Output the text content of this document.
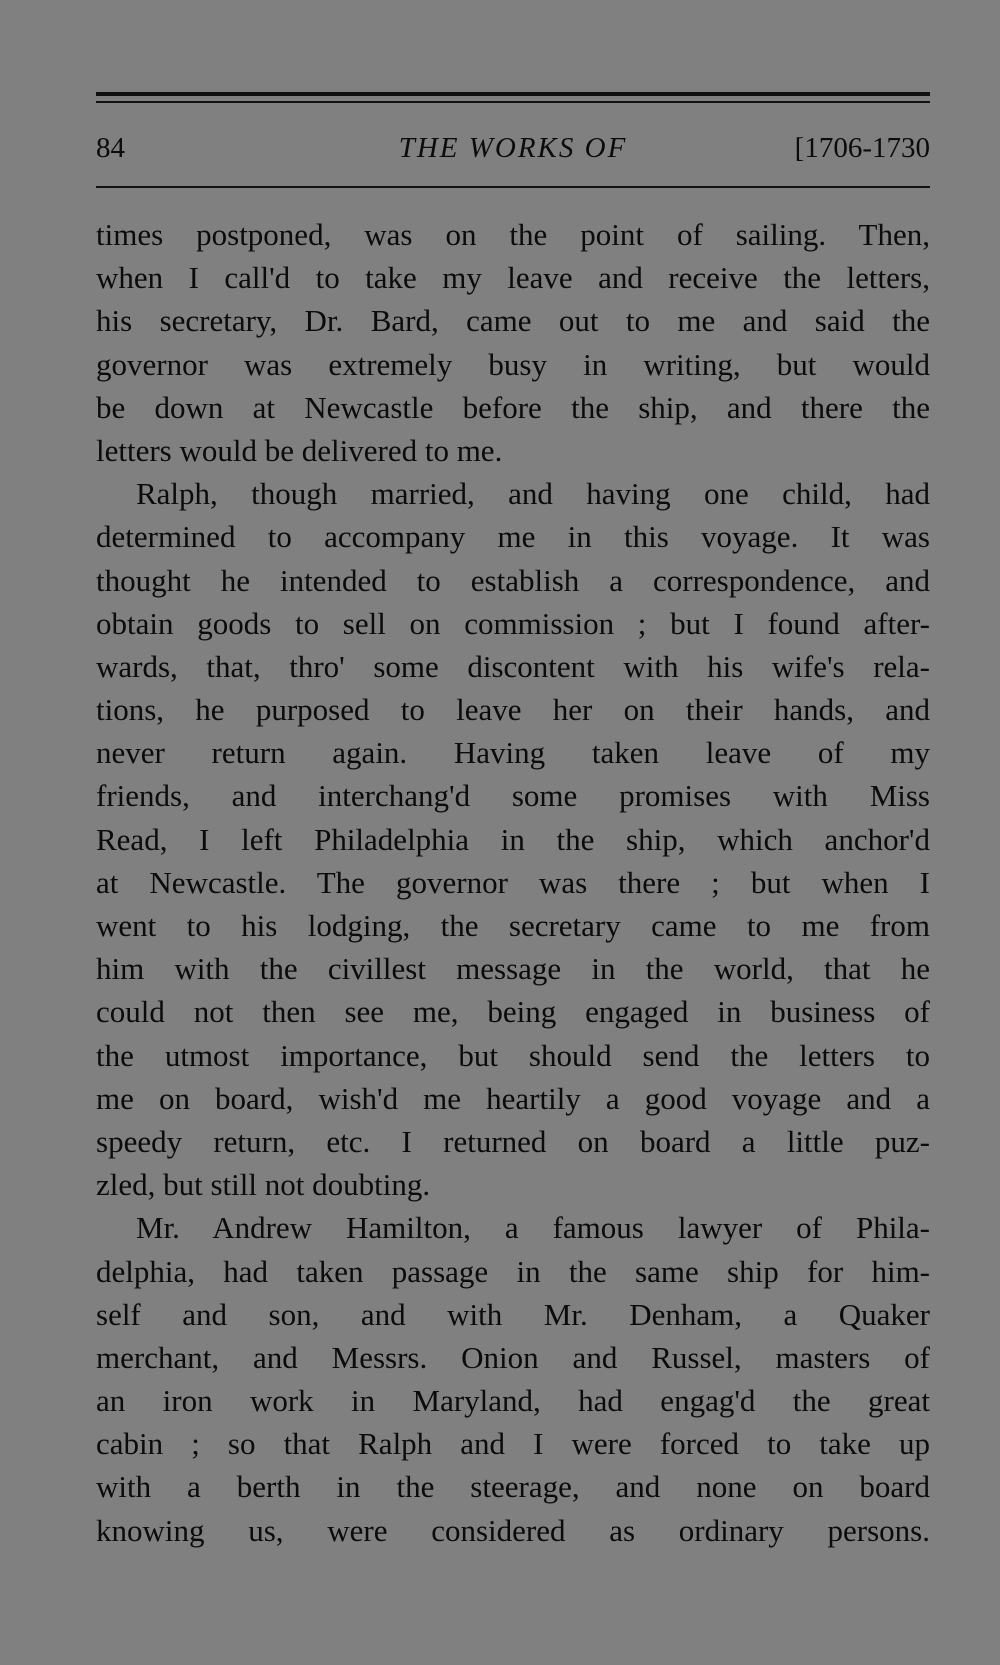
84	THE WORKS OF	[1706-1730
times postponed, was on the point of sailing. Then,
when I call'd to take my leave and receive the letters,
his secretary, Dr. Bard, came out to me and said the
governor was extremely busy in writing, but would
be down at Newcastle before the ship, and there the
letters would be delivered to me.
Ralph, though married, and having one child, had
determined to accompany me in this voyage. It was
thought he intended to establish a correspondence, and
obtain goods to sell on commission ; but I found after-
wards, that, thro' some discontent with his wife's rela-
tions, he purposed to leave her on their hands, and
never return again. Having taken leave of my
friends, and interchang'd some promises with Miss
Read, I left Philadelphia in the ship, which anchor'd
at Newcastle. The governor was there ; but when I
went to his lodging, the secretary came to me from
him with the civillest message in the world, that he
could not then see me, being engaged in business of
the utmost importance, but should send the letters to
me on board, wish'd me heartily a good voyage and a
speedy return, etc. I returned on board a little puz-
zled, but still not doubting.
Mr. Andrew Hamilton, a famous lawyer of Phila-
delphia, had taken passage in the same ship for him-
self and son, and with Mr. Denham, a Quaker
merchant, and Messrs. Onion and Russel, masters of
an iron work in Maryland, had engag'd the great
cabin ; so that Ralph and I were forced to take up
with a berth in the steerage, and none on board
knowing us, were considered as ordinary persons.
